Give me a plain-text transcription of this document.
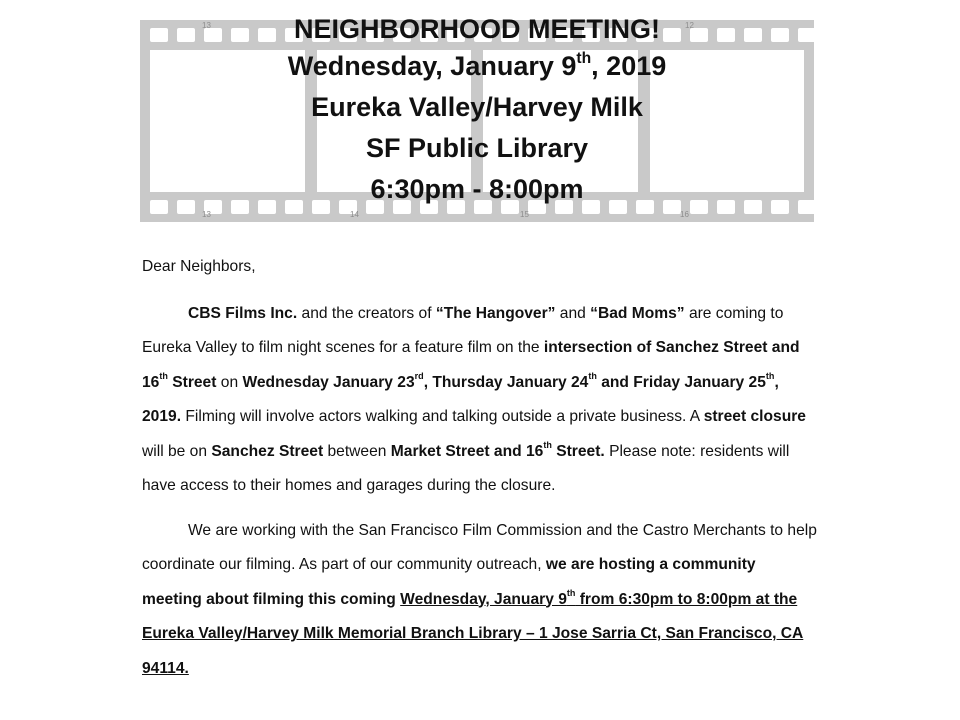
13	12
13	14	15	16
NEIGHBORHOOD MEETING!
Wednesday, January 9th, 2019
Eureka Valley/Harvey Milk
SF Public Library
6:30pm - 8:00pm

Dear Neighbors,

CBS Films Inc. and the creators of “The Hangover” and “Bad Moms” are coming to Eureka Valley to film night scenes for a feature film on the intersection of Sanchez Street and 16th Street on Wednesday January 23rd, Thursday January 24th and Friday January 25th, 2019. Filming will involve actors walking and talking outside a private business. A street closure will be on Sanchez Street between Market Street and 16th Street. Please note: residents will have access to their homes and garages during the closure.

We are working with the San Francisco Film Commission and the Castro Merchants to help coordinate our filming. As part of our community outreach, we are hosting a community meeting about filming this coming Wednesday, January 9th from 6:30pm to 8:00pm at the Eureka Valley/Harvey Milk Memorial Branch Library – 1 Jose Sarria Ct, San Francisco, CA 94114.
